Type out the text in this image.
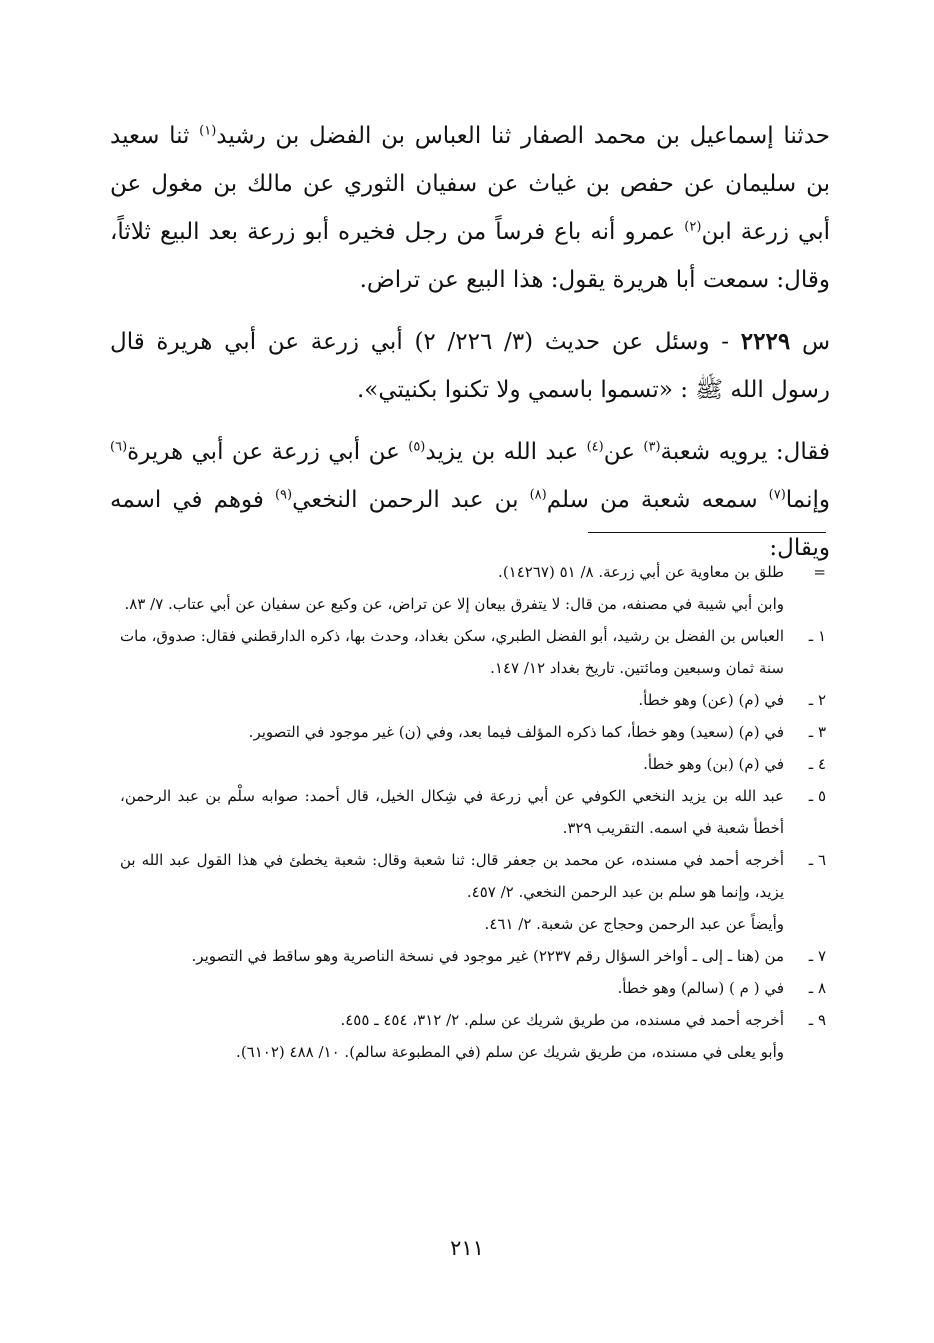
حدثنا إسماعيل بن محمد الصفار ثنا العباس بن الفضل بن رشيد$^{(١)}$ ثنا سعيد بن سليمان عن حفص بن غياث عن سفيان الثوري عن مالك بن مغول عن أبي زرعة ابن$^{(٢)}$ عمرو أنه باع فرساً من رجل فخيره أبو زرعة بعد البيع ثلاثاً، وقال: سمعت أبا هريرة يقول: هذا البيع عن تراض.

س ٢٢٢٩ - وسئل عن حديث (٣/ ٢٢٦/ ٢) أبي زرعة عن أبي هريرة قال رسول الله ﷺ : «تسموا باسمي ولا تكنوا بكنيتي».

فقال: يرويه شعبة$^{(٣)}$ عن$^{(٤)}$ عبد الله بن يزيد$^{(٥)}$ عن أبي زرعة عن أبي هريرة$^{(٦)}$ وإنما$^{(٧)}$ سمعه شعبة من سلم$^{(٨)}$ بن عبد الرحمن النخعي$^{(٩)}$ فوهم في اسمه ويقال:

=
طلق بن معاوية عن أبي زرعة. ٨/ ٥١ (١٤٢٦٧).
وابن أبي شيبة في مصنفه، من قال: لا يتفرق بيعان إلا عن تراض، عن وكيع عن سفيان عن أبي عتاب. ٧/ ٨٣.
١ ـ
العباس بن الفضل بن رشيد، أبو الفضل الطبري، سكن بغداد، وحدث بها، ذكره الدارقطني فقال: صدوق، مات سنة ثمان وسبعين ومائتين. تاريخ بغداد ١٢/ ١٤٧.
٢ ـ
في (م) (عن) وهو خطأ.
٣ ـ
في (م) (سعيد) وهو خطأ، كما ذكره المؤلف فيما بعد، وفي (ن) غير موجود في التصوير.
٤ ـ
في (م) (بن) وهو خطأ.
٥ ـ
عبد الله بن يزيد النخعي الكوفي عن أبي زرعة في شِكال الخيل، قال أحمد: صوابه سلْم بن عبد الرحمن، أخطأ شعبة في اسمه. التقريب ٣٢٩.
٦ ـ
أخرجه أحمد في مسنده، عن محمد بن جعفر قال: ثنا شعبة وقال: شعبة يخطئ في هذا القول عبد الله بن يزيد، وإنما هو سلم بن عبد الرحمن النخعي. ٢/ ٤٥٧.
وأيضاً عن عبد الرحمن وحجاج عن شعبة. ٢/ ٤٦١.
٧ ـ
من (هنا ـ إلى ـ أواخر السؤال رقم ٢٢٣٧) غير موجود في نسخة الناصرية وهو ساقط في التصوير.
٨ ـ
في ( م ) (سالم) وهو خطأ.
٩ ـ
أخرجه أحمد في مسنده، من طريق شريك عن سلم. ٢/ ٣١٢، ٤٥٤ ـ ٤٥٥.
وأبو يعلى في مسنده، من طريق شريك عن سلم (في المطبوعة سالم). ١٠/ ٤٨٨ (٦١٠٢).
٢١١
